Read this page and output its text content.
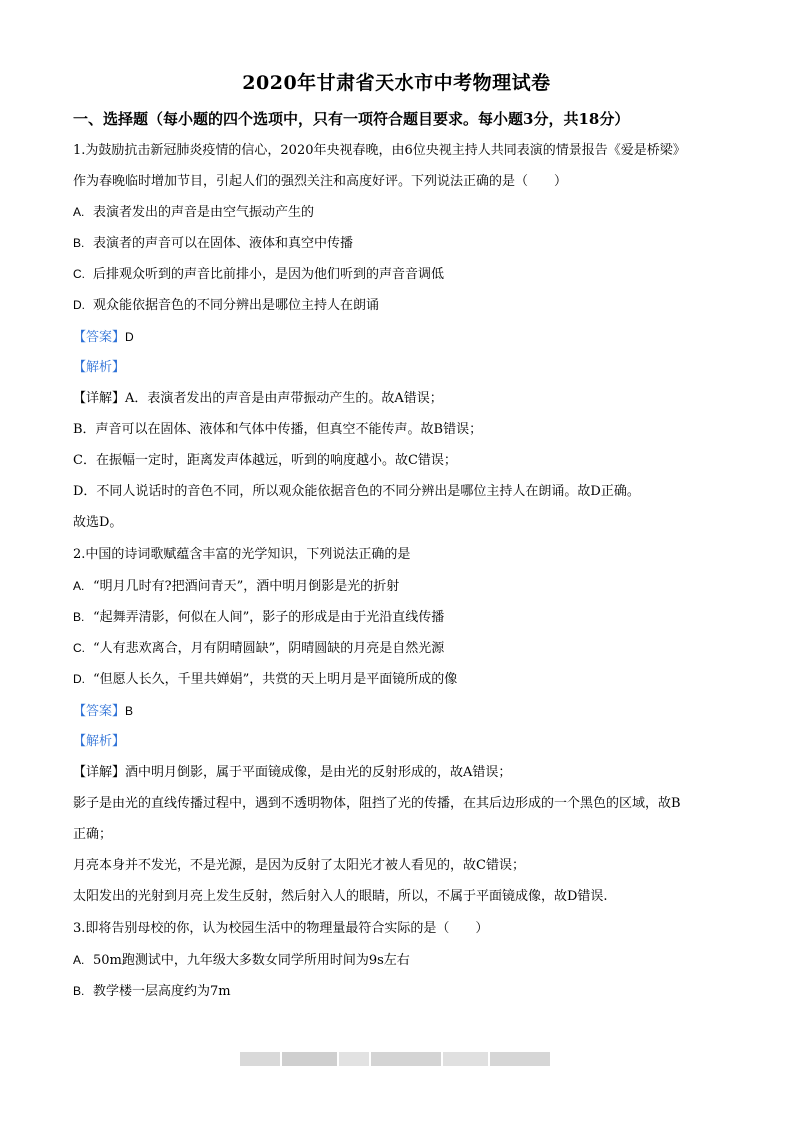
2020年甘肃省天水市中考物理试卷
一、选择题（每小题的四个选项中，只有一项符合题目要求。每小题3分，共18分）
1.为鼓励抗击新冠肺炎疫情的信心，2020年央视春晚，由6位央视主持人共同表演的情景报告《爱是桥梁》
作为春晚临时增加节目，引起人们的强烈关注和高度好评。下列说法正确的是（　　）
A. 表演者发出的声音是由空气振动产生的
B. 表演者的声音可以在固体、液体和真空中传播
C. 后排观众听到的声音比前排小，是因为他们听到的声音音调低
D. 观众能依据音色的不同分辨出是哪位主持人在朗诵
【答案】D
【解析】
【详解】A．表演者发出的声音是由声带振动产生的。故A错误；
B．声音可以在固体、液体和气体中传播，但真空不能传声。故B错误；
C．在振幅一定时，距离发声体越远，听到的响度越小。故C错误；
D．不同人说话时的音色不同，所以观众能依据音色的不同分辨出是哪位主持人在朗诵。故D正确。
故选D。
2.中国的诗词歌赋蕴含丰富的光学知识，下列说法正确的是
A. “明月几时有?把酒问青天”，酒中明月倒影是光的折射
B. “起舞弄清影，何似在人间”，影子的形成是由于光沿直线传播
C. “人有悲欢离合，月有阴晴圆缺”，阴晴圆缺的月亮是自然光源
D. “但愿人长久，千里共婵娟”，共赏的天上明月是平面镜所成的像
【答案】B
【解析】
【详解】酒中明月倒影，属于平面镜成像，是由光的反射形成的，故A错误；
影子是由光的直线传播过程中，遇到不透明物体，阻挡了光的传播，在其后边形成的一个黑色的区域，故B
正确；
月亮本身并不发光，不是光源，是因为反射了太阳光才被人看见的，故C错误；
太阳发出的光射到月亮上发生反射，然后射入人的眼睛，所以，不属于平面镜成像，故D错误.
3.即将告别母校的你，认为校园生活中的物理量最符合实际的是（　　）
A. 50m跑测试中，九年级大多数女同学所用时间为9s左右
B. 教学楼一层高度约为7m
